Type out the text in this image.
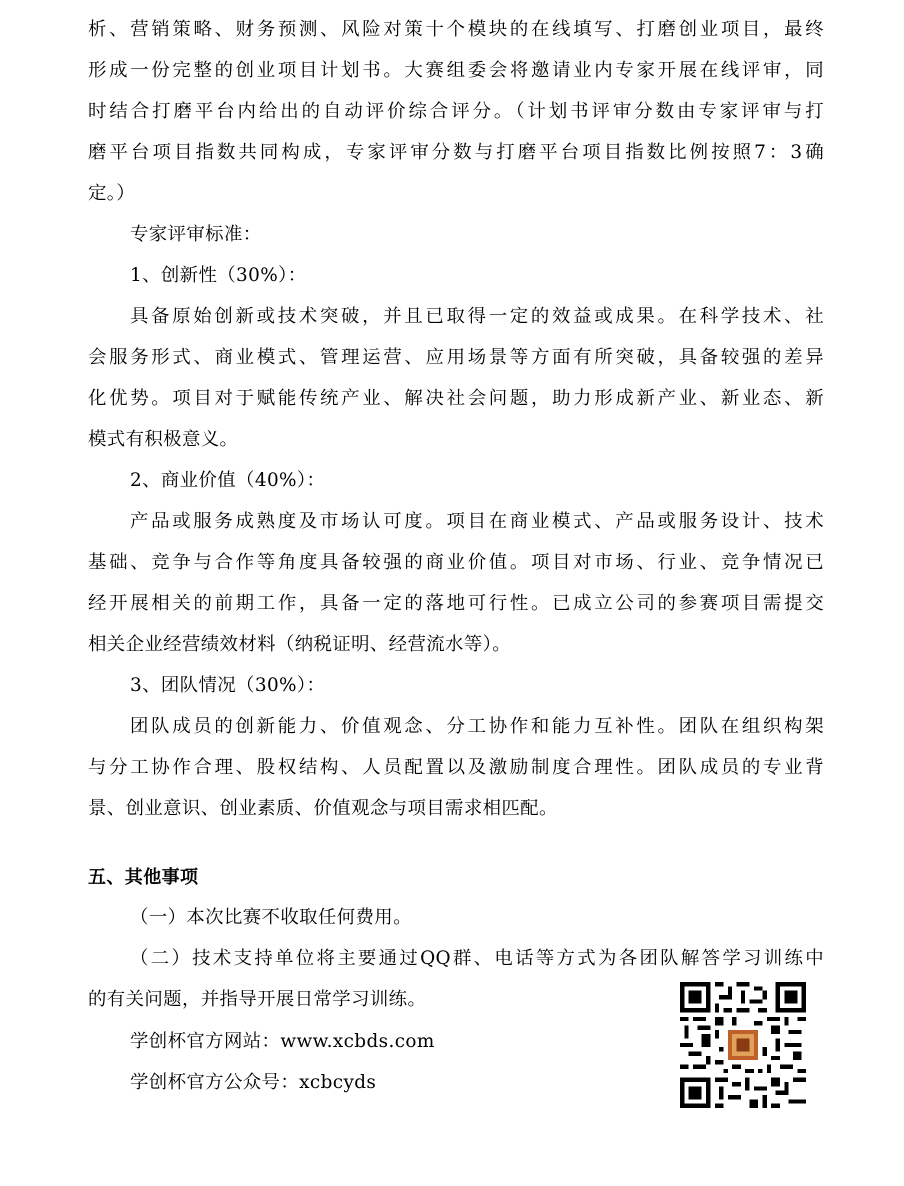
析、营销策略、财务预测、风险对策十个模块的在线填写、打磨创业项目，最终
形成一份完整的创业项目计划书。大赛组委会将邀请业内专家开展在线评审，同
时结合打磨平台内给出的自动评价综合评分。（计划书评审分数由专家评审与打
磨平台项目指数共同构成，专家评审分数与打磨平台项目指数比例按照7：3确
定。）
专家评审标准：
1、创新性（30%）：
具备原始创新或技术突破，并且已取得一定的效益或成果。在科学技术、社
会服务形式、商业模式、管理运营、应用场景等方面有所突破，具备较强的差异
化优势。项目对于赋能传统产业、解决社会问题，助力形成新产业、新业态、新
模式有积极意义。
2、商业价值（40%）：
产品或服务成熟度及市场认可度。项目在商业模式、产品或服务设计、技术
基础、竞争与合作等角度具备较强的商业价值。项目对市场、行业、竞争情况已
经开展相关的前期工作，具备一定的落地可行性。已成立公司的参赛项目需提交
相关企业经营绩效材料（纳税证明、经营流水等）。
3、团队情况（30%）：
团队成员的创新能力、价值观念、分工协作和能力互补性。团队在组织构架
与分工协作合理、股权结构、人员配置以及激励制度合理性。团队成员的专业背
景、创业意识、创业素质、价值观念与项目需求相匹配。
五、其他事项
（一）本次比赛不收取任何费用。
（二）技术支持单位将主要通过QQ群、电话等方式为各团队解答学习训练中
的有关问题，并指导开展日常学习训练。
学创杯官方网站：www.xcbds.com
学创杯官方公众号：xcbcyds
